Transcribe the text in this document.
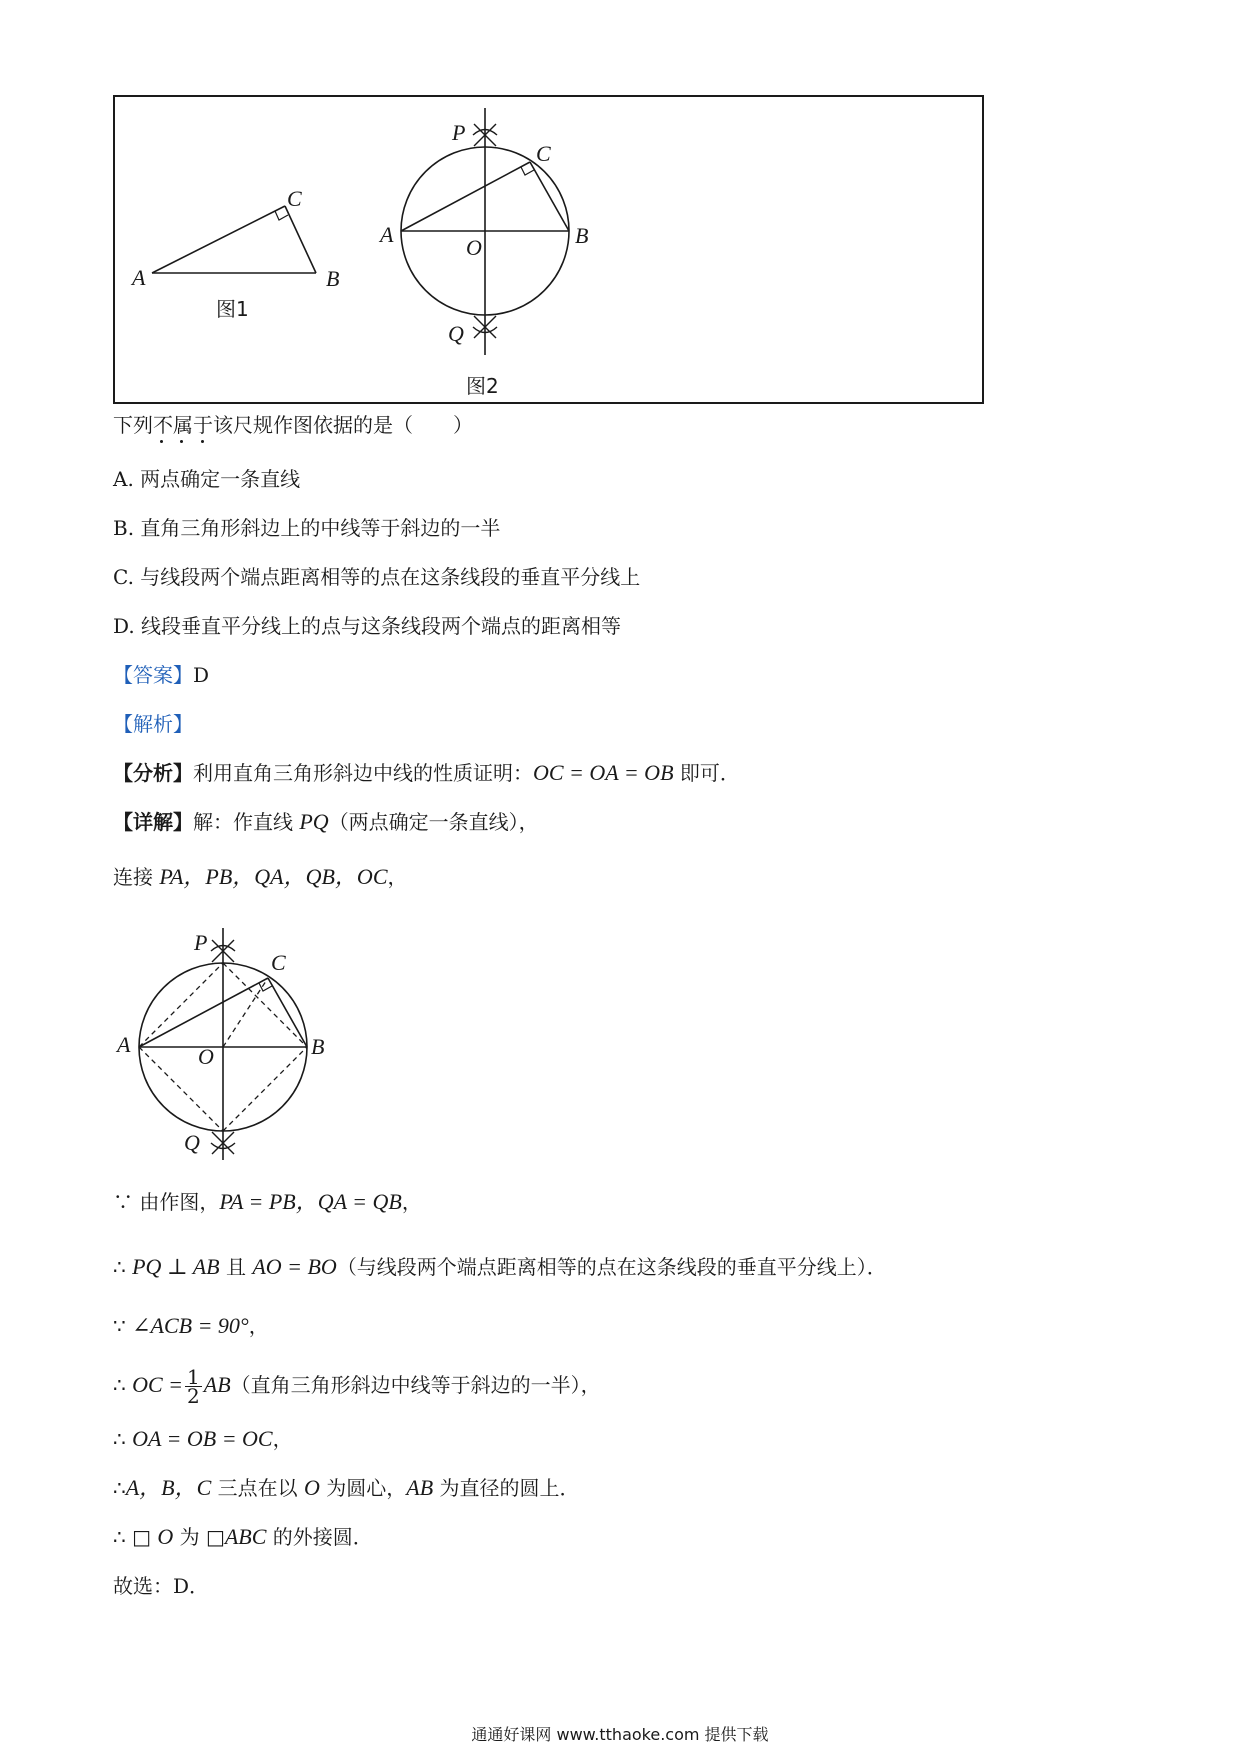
A	B
C
图1
P
C
A
O	B
Q
图2
下列不属于该尺规作图依据的是（　　）
A. 两点确定一条直线
B. 直角三角形斜边上的中线等于斜边的一半
C. 与线段两个端点距离相等的点在这条线段的垂直平分线上
D. 线段垂直平分线上的点与这条线段两个端点的距离相等
【答案】D
【解析】
【分析】利用直角三角形斜边中线的性质证明：OC = OA = OB 即可．
【详解】解：作直线 PQ（两点确定一条直线），
连接 PA，PB，QA，QB，OC，
P
C
A	O	B
Q
∵ 由作图，PA = PB，QA = QB，
∴ PQ ⊥ AB 且 AO = BO（与线段两个端点距离相等的点在这条线段的垂直平分线上）．
∵ ∠ACB = 90°，
∴ OC = $\frac{1}{2} AB$（直角三角形斜边中线等于斜边的一半），
∴ OA = OB = OC，
∴A，B，C 三点在以 O 为圆心，AB 为直径的圆上．
∴ □ O 为 □ABC 的外接圆．
故选：D．
通通好课网 www.tthaoke.com 提供下载
